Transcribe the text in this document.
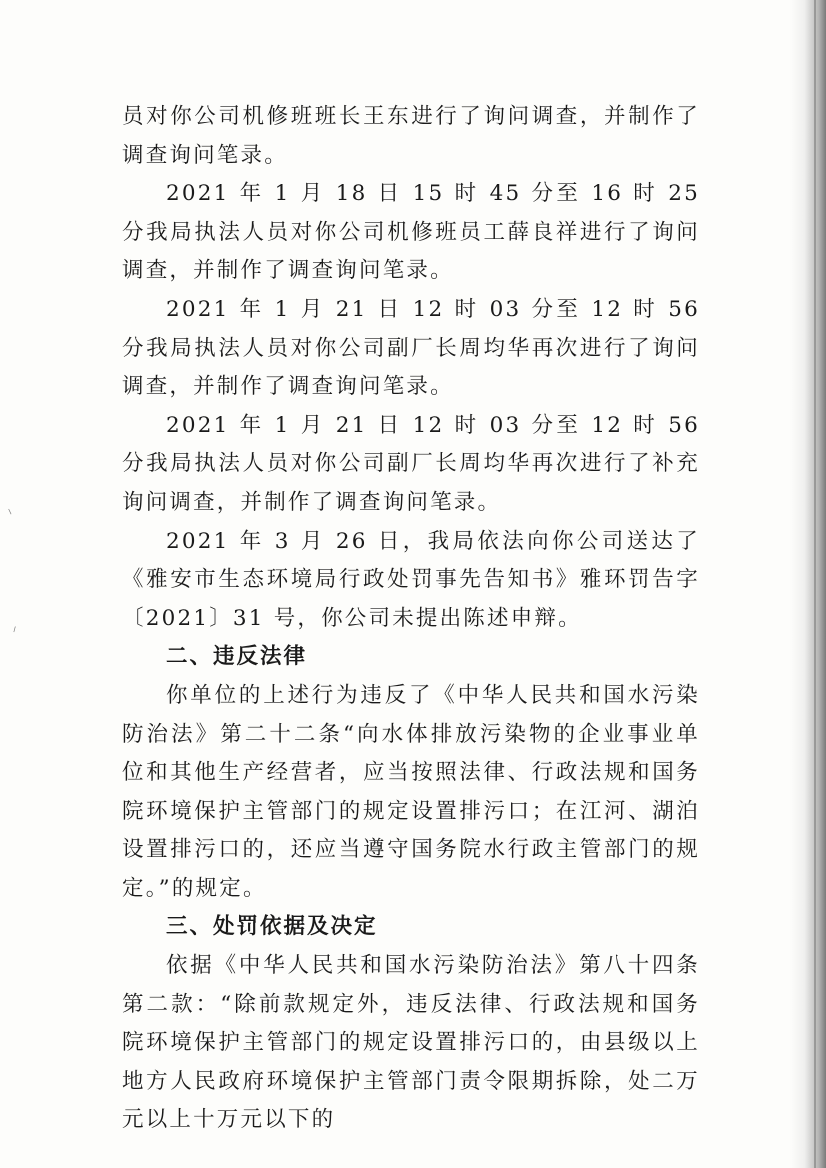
⸜
⸝

员对你公司机修班班长王东进行了询问调查，并制作了调查询问笔录。

2021 年 1 月 18 日 15 时 45 分至 16 时 25 分我局执法人员对你公司机修班员工薛良祥进行了询问调查，并制作了调查询问笔录。

2021 年 1 月 21 日 12 时 03 分至 12 时 56 分我局执法人员对你公司副厂长周均华再次进行了询问调查，并制作了调查询问笔录。

2021 年 1 月 21 日 12 时 03 分至 12 时 56 分我局执法人员对你公司副厂长周均华再次进行了补充询问调查，并制作了调查询问笔录。

2021 年 3 月 26 日，我局依法向你公司送达了《雅安市生态环境局行政处罚事先告知书》雅环罚告字〔2021〕31 号，你公司未提出陈述申辩。

二、违反法律

你单位的上述行为违反了《中华人民共和国水污染防治法》第二十二条“向水体排放污染物的企业事业单位和其他生产经营者，应当按照法律、行政法规和国务院环境保护主管部门的规定设置排污口；在江河、湖泊设置排污口的，还应当遵守国务院水行政主管部门的规定。”的规定。

三、处罚依据及决定

依据《中华人民共和国水污染防治法》第八十四条第二款：“除前款规定外，违反法律、行政法规和国务院环境保护主管部门的规定设置排污口的，由县级以上地方人民政府环境保护主管部门责令限期拆除，处二万元以上十万元以下的
